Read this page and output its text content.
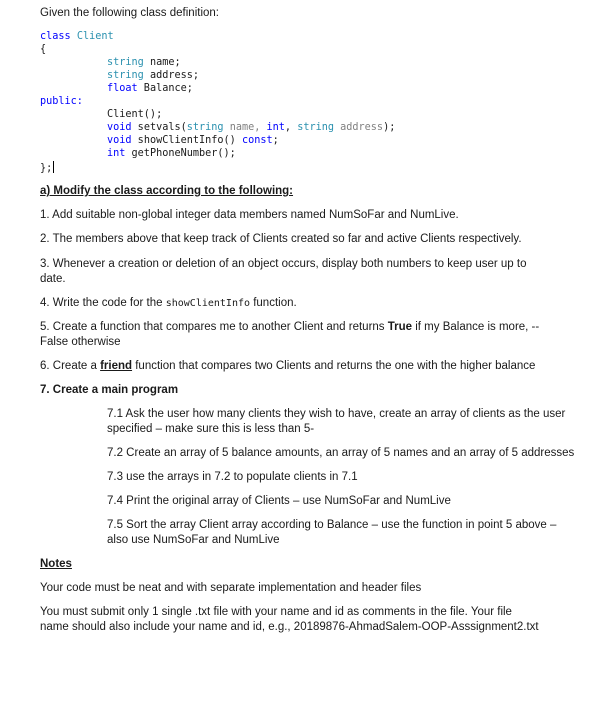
Given the following class definition:
class Client
{
string name;
string address;
float Balance;
public:
Client();
void setvals(string name, int, string address);
void showClientInfo() const;
int getPhoneNumber();
};
a) Modify the class according to the following:
1. Add suitable non-global integer data members named NumSoFar and NumLive.
2. The members above that keep track of Clients created so far and active Clients respectively.
3. Whenever a creation or deletion of an object occurs, display both numbers to keep user up to
date.
4. Write the code for the showClientInfo function.
5. Create a function that compares me to another Client and returns True if my Balance is more, --
False otherwise
6. Create a friend function that compares two Clients and returns the one with the higher balance
7. Create a main program
7.1 Ask the user how many clients they wish to have, create an array of clients as the user
specified – make sure this is less than 5-
7.2 Create an array of 5 balance amounts, an array of 5 names and an array of 5 addresses
7.3 use the arrays in 7.2 to populate clients in 7.1
7.4 Print the original array of Clients – use NumSoFar and NumLive
7.5 Sort the array Client array according to Balance – use the function in point 5 above –
also use NumSoFar and NumLive
Notes
Your code must be neat and with separate implementation and header files
You must submit only 1 single .txt file with your name and id as comments in the file. Your file
name should also include your name and id, e.g., 20189876-AhmadSalem-OOP-Asssignment2.txt
